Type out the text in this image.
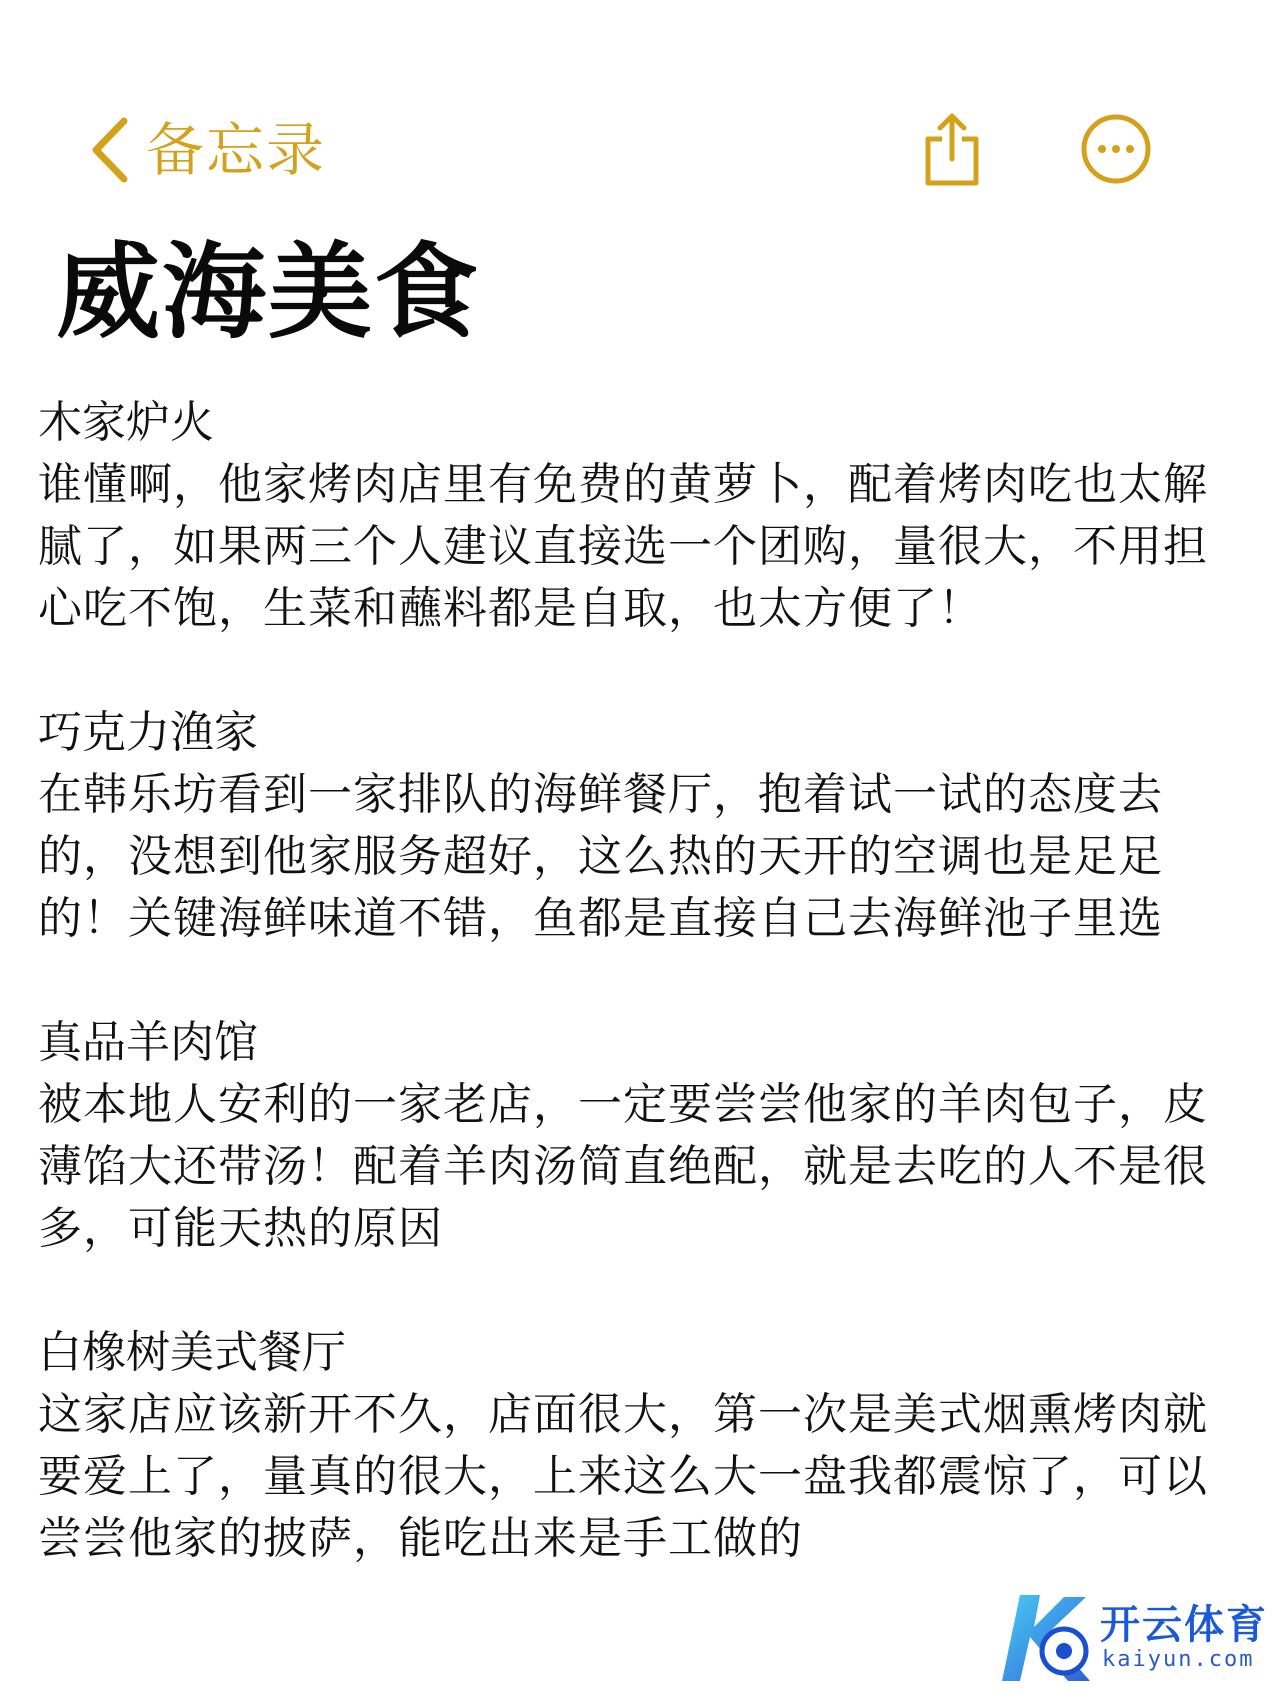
备忘录
威海美食

木家炉火

谁懂啊，他家烤肉店里有免费的黄萝卜，配着烤肉吃也太解腻了，如果两三个人建议直接选一个团购，量很大，不用担心吃不饱，生菜和蘸料都是自取，也太方便了！

巧克力渔家

在韩乐坊看到一家排队的海鲜餐厅，抱着试一试的态度去的，没想到他家服务超好，这么热的天开的空调也是足足的！关键海鲜味道不错，鱼都是直接自己去海鲜池子里选

真品羊肉馆

被本地人安利的一家老店，一定要尝尝他家的羊肉包子，皮薄馅大还带汤！配着羊肉汤简直绝配，就是去吃的人不是很多，可能天热的原因

白橡树美式餐厅

这家店应该新开不久，店面很大，第一次是美式烟熏烤肉就要爱上了，量真的很大，上来这么大一盘我都震惊了，可以尝尝他家的披萨，能吃出来是手工做的

开云体育
kaiyun.com
